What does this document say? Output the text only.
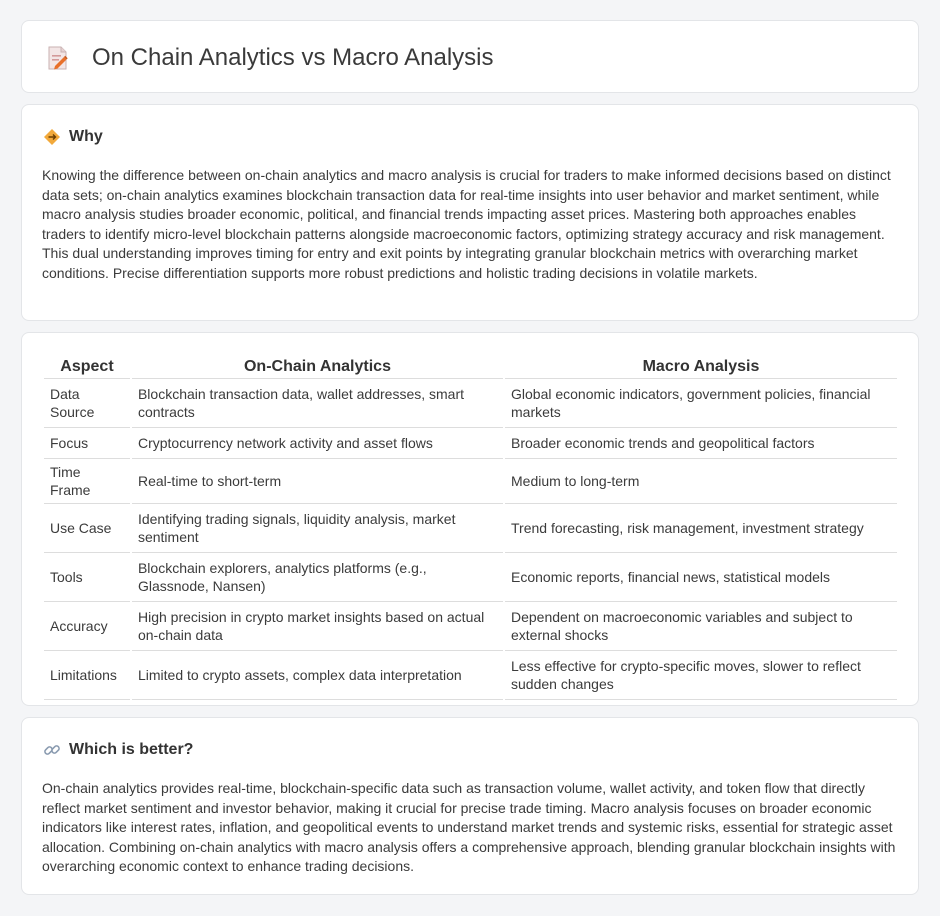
On Chain Analytics vs Macro Analysis
Why

Knowing the difference between on-chain analytics and macro analysis is crucial for traders to make informed decisions based on distinct data sets; on-chain analytics examines blockchain transaction data for real-time insights into user behavior and market sentiment, while macro analysis studies broader economic, political, and financial trends impacting asset prices. Mastering both approaches enables traders to identify micro-level blockchain patterns alongside macroeconomic factors, optimizing strategy accuracy and risk management. This dual understanding improves timing for entry and exit points by integrating granular blockchain metrics with overarching market conditions. Precise differentiation supports more robust predictions and holistic trading decisions in volatile markets.

Aspect	On-Chain Analytics	Macro Analysis
Data Source	Blockchain transaction data, wallet addresses, smart contracts	Global economic indicators, government policies, financial markets
Focus	Cryptocurrency network activity and asset flows	Broader economic trends and geopolitical factors
Time Frame	Real-time to short-term	Medium to long-term
Use Case	Identifying trading signals, liquidity analysis, market sentiment	Trend forecasting, risk management, investment strategy
Tools	Blockchain explorers, analytics platforms (e.g., Glassnode, Nansen)	Economic reports, financial news, statistical models
Accuracy	High precision in crypto market insights based on actual on-chain data	Dependent on macroeconomic variables and subject to external shocks
Limitations	Limited to crypto assets, complex data interpretation	Less effective for crypto-specific moves, slower to reflect sudden changes
Which is better?

On-chain analytics provides real-time, blockchain-specific data such as transaction volume, wallet activity, and token flow that directly reflect market sentiment and investor behavior, making it crucial for precise trade timing. Macro analysis focuses on broader economic indicators like interest rates, inflation, and geopolitical events to understand market trends and systemic risks, essential for strategic asset allocation. Combining on-chain analytics with macro analysis offers a comprehensive approach, blending granular blockchain insights with overarching economic context to enhance trading decisions.
